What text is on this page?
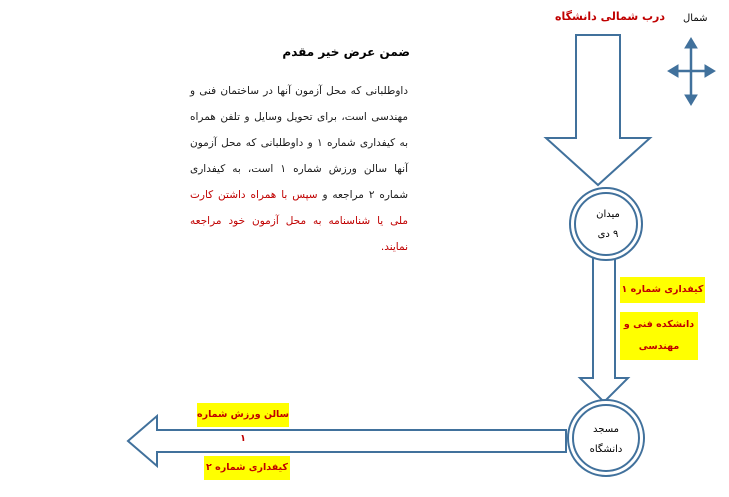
درب شمالی دانشگاه شمال
ضمن عرض خیر مقدم
داوطلبانی که محل آزمون آنها در ساختمان فنی و مهندسی است، برای تحویل وسایل و تلفن همراه به کیفداری شماره ۱ و داوطلبانی که محل آزمون آنها سالن ورزش شماره ۱ است، به کیفداری شماره ۲ مراجعه و سپس با همراه داشتن کارت ملی یا شناسنامه به محل آزمون خود مراجعه نمایند.
میدان
۹ دی
مسجد
دانشگاه
کیفداری شماره ۱
دانشکده فنی و مهندسی
سالن ورزش شماره ۱
کیفداری شماره ۲
